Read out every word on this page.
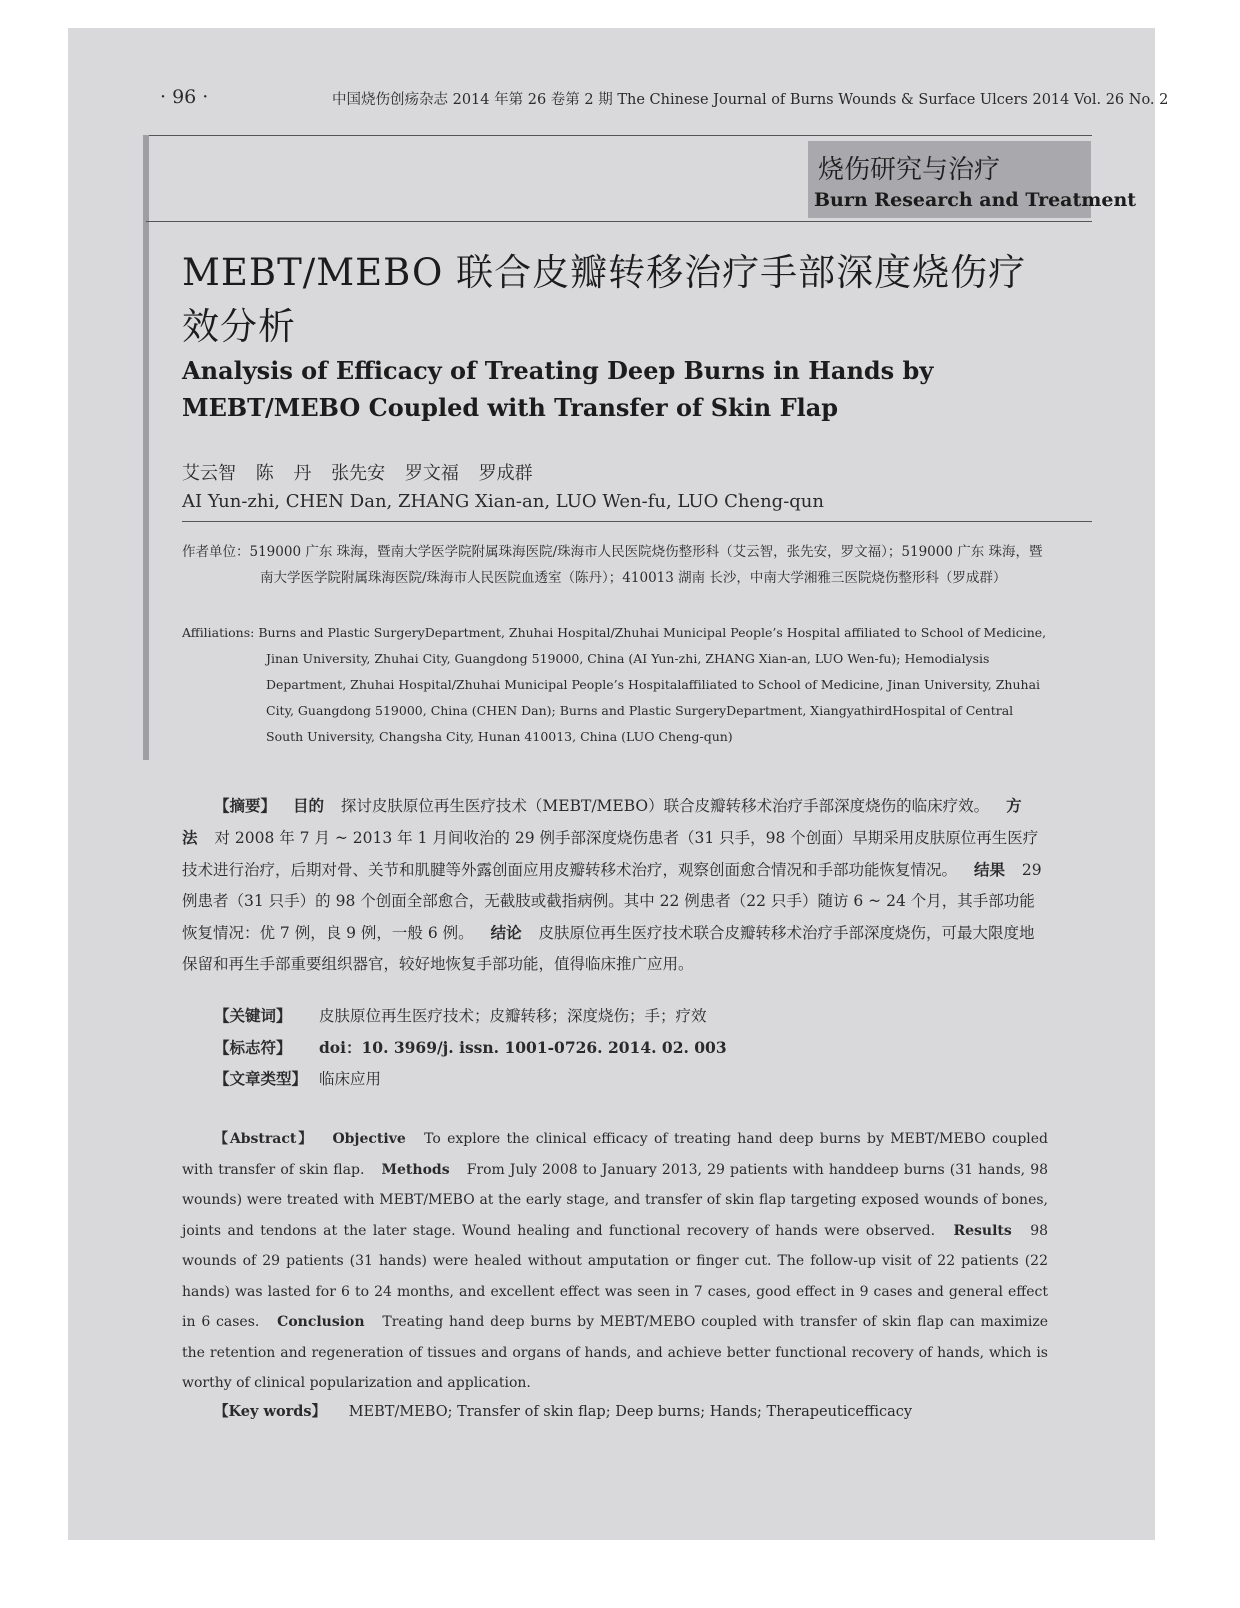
· 96 ·	中国烧伤创疡杂志 2014 年第 26 卷第 2 期 The Chinese Journal of Burns Wounds & Surface Ulcers 2014 Vol. 26 No. 2
烧伤研究与治疗
Burn Research and Treatment
MEBT/MEBO 联合皮瓣转移治疗手部深度烧伤疗效分析
Analysis of Efficacy of Treating Deep Burns in Hands by MEBT/MEBO Coupled with Transfer of Skin Flap
艾云智 陈 丹 张先安 罗文福 罗成群
AI Yun-zhi, CHEN Dan, ZHANG Xian-an, LUO Wen-fu, LUO Cheng-qun
作者单位：519000 广东 珠海，暨南大学医学院附属珠海医院/珠海市人民医院烧伤整形科（艾云智，张先安，罗文福）；519000 广东 珠海，暨南大学医学院附属珠海医院/珠海市人民医院血透室（陈丹）；410013 湖南 长沙，中南大学湘雅三医院烧伤整形科（罗成群）
Affiliations: Burns and Plastic SurgeryDepartment, Zhuhai Hospital/Zhuhai Municipal People’s Hospital affiliated to School of Medicine, Jinan University, Zhuhai City, Guangdong 519000, China (AI Yun-zhi, ZHANG Xian-an, LUO Wen-fu); Hemodialysis Department, Zhuhai Hospital/Zhuhai Municipal People’s Hospitalaffiliated to School of Medicine, Jinan University, Zhuhai City, Guangdong 519000, China (CHEN Dan); Burns and Plastic SurgeryDepartment, XiangyathirdHospital of Central South University, Changsha City, Hunan 410013, China (LUO Cheng-qun)
【摘要】 目的 探讨皮肤原位再生医疗技术（MEBT/MEBO）联合皮瓣转移术治疗手部深度烧伤的临床疗效。 方法 对 2008 年 7 月 ~ 2013 年 1 月间收治的 29 例手部深度烧伤患者（31 只手，98 个创面）早期采用皮肤原位再生医疗技术进行治疗，后期对骨、关节和肌腱等外露创面应用皮瓣转移术治疗，观察创面愈合情况和手部功能恢复情况。 结果 29 例患者（31 只手）的 98 个创面全部愈合，无截肢或截指病例。其中 22 例患者（22 只手）随访 6 ~ 24 个月，其手部功能恢复情况：优 7 例，良 9 例，一般 6 例。 结论 皮肤原位再生医疗技术联合皮瓣转移术治疗手部深度烧伤，可最大限度地保留和再生手部重要组织器官，较好地恢复手部功能，值得临床推广应用。
【关键词】 皮肤原位再生医疗技术；皮瓣转移；深度烧伤；手；疗效
【标志符】 doi：10. 3969/j. issn. 1001-0726. 2014. 02. 003
【文章类型】 临床应用
【Abstract】 Objective To explore the clinical efficacy of treating hand deep burns by MEBT/MEBO coupled with transfer of skin flap. Methods From July 2008 to January 2013, 29 patients with handdeep burns (31 hands, 98 wounds) were treated with MEBT/MEBO at the early stage, and transfer of skin flap targeting exposed wounds of bones, joints and tendons at the later stage. Wound healing and functional recovery of hands were observed. Results 98 wounds of 29 patients (31 hands) were healed without amputation or finger cut. The follow-up visit of 22 patients (22 hands) was lasted for 6 to 24 months, and excellent effect was seen in 7 cases, good effect in 9 cases and general effect in 6 cases. Conclusion Treating hand deep burns by MEBT/MEBO coupled with transfer of skin flap can maximize the retention and regeneration of tissues and organs of hands, and achieve better functional recovery of hands, which is worthy of clinical popularization and application.
【Key words】 MEBT/MEBO; Transfer of skin flap; Deep burns; Hands; Therapeuticefficacy
